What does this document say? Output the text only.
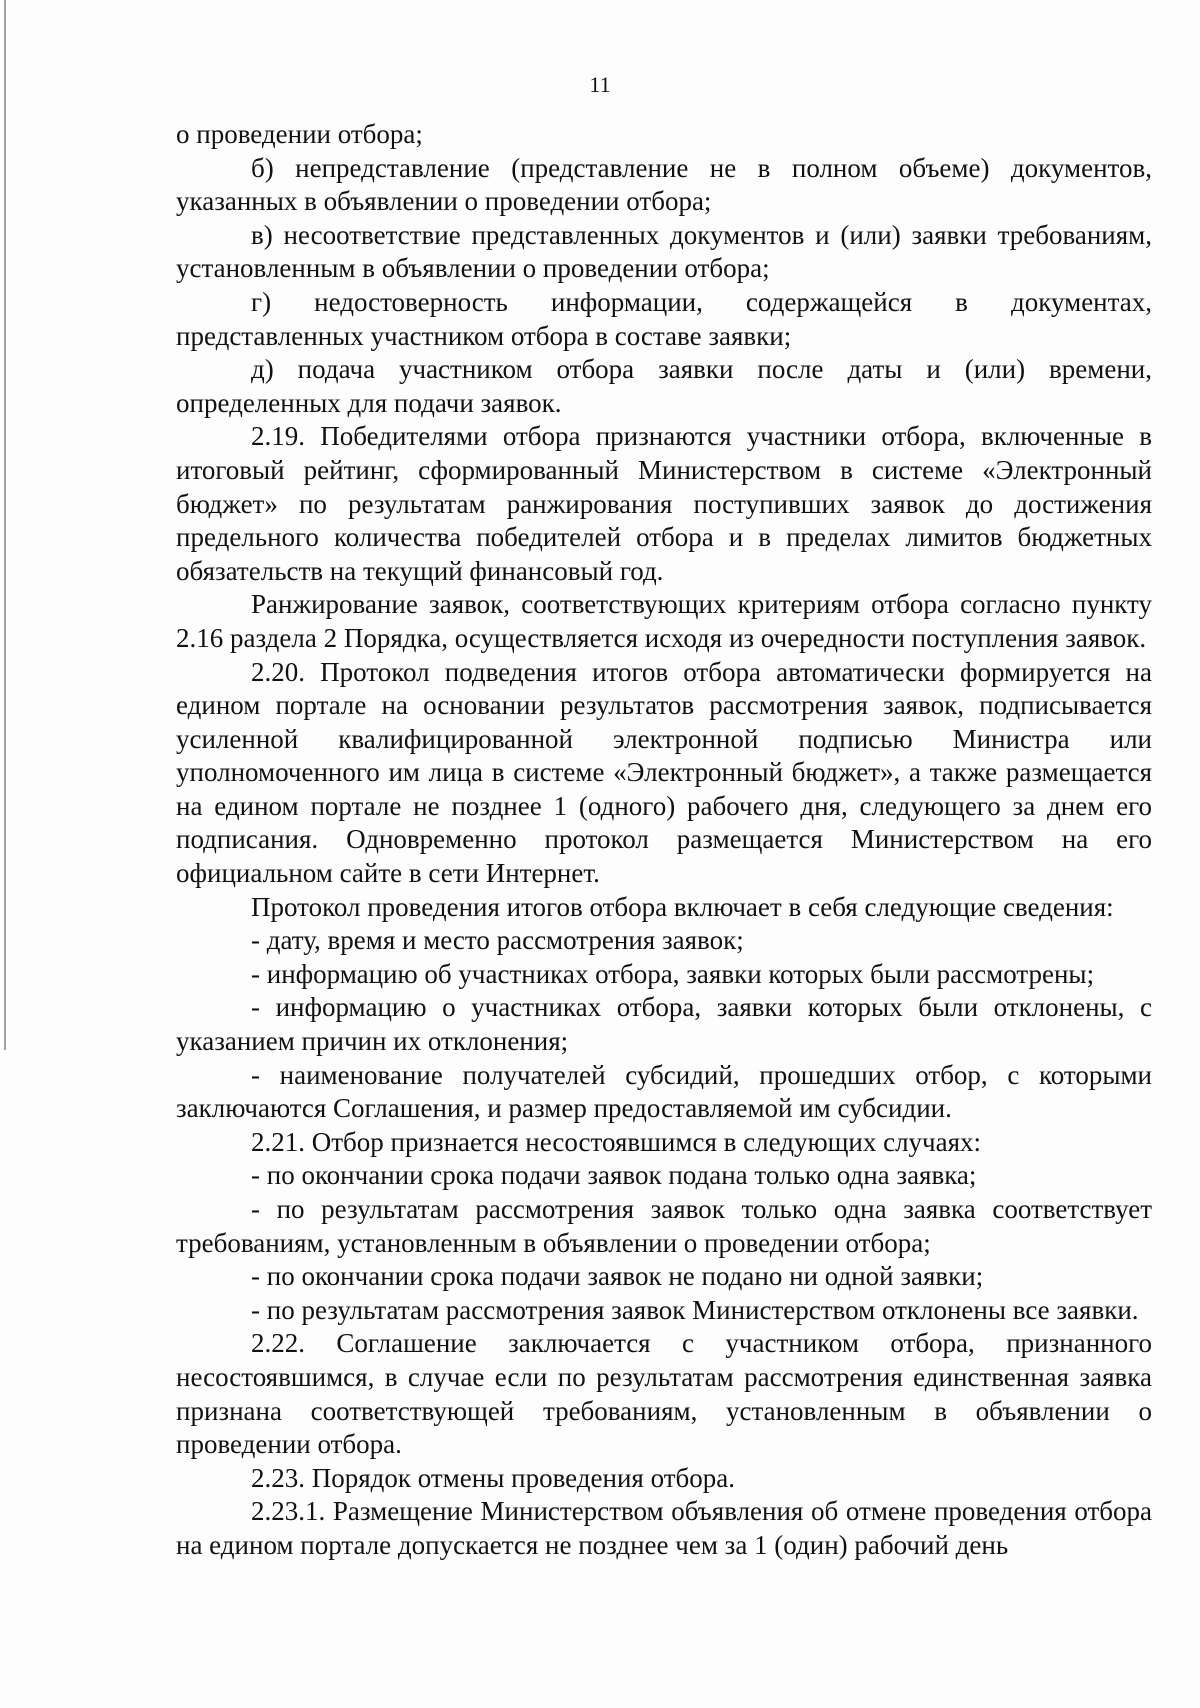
11

о проведении отбора;

б) непредставление (представление не в полном объеме) документов, указанных в объявлении о проведении отбора;

в) несоответствие представленных документов и (или) заявки требованиям, установленным в объявлении о проведении отбора;

г) недостоверность информации, содержащейся в документах, представленных участником отбора в составе заявки;

д) подача участником отбора заявки после даты и (или) времени, определенных для подачи заявок.

2.19. Победителями отбора признаются участники отбора, включенные в итоговый рейтинг, сформированный Министерством в системе «Электронный бюджет» по результатам ранжирования поступивших заявок до достижения предельного количества победителей отбора и в пределах лимитов бюджетных обязательств на текущий финансовый год.

Ранжирование заявок, соответствующих критериям отбора согласно пункту 2.16 раздела 2 Порядка, осуществляется исходя из очередности поступления заявок.

2.20. Протокол подведения итогов отбора автоматически формируется на едином портале на основании результатов рассмотрения заявок, подписывается усиленной квалифицированной электронной подписью Министра или уполномоченного им лица в системе «Электронный бюджет», а также размещается на едином портале не позднее 1 (одного) рабочего дня, следующего за днем его подписания. Одновременно протокол размещается Министерством на его официальном сайте в сети Интернет.

Протокол проведения итогов отбора включает в себя следующие сведения:

- дату, время и место рассмотрения заявок;

- информацию об участниках отбора, заявки которых были рассмотрены;

- информацию о участниках отбора, заявки которых были отклонены, с указанием причин их отклонения;

- наименование получателей субсидий, прошедших отбор, с которыми заключаются Соглашения, и размер предоставляемой им субсидии.

2.21. Отбор признается несостоявшимся в следующих случаях:

- по окончании срока подачи заявок подана только одна заявка;

- по результатам рассмотрения заявок только одна заявка соответствует требованиям, установленным в объявлении о проведении отбора;

- по окончании срока подачи заявок не подано ни одной заявки;

- по результатам рассмотрения заявок Министерством отклонены все заявки.

2.22. Соглашение заключается с участником отбора, признанного несостоявшимся, в случае если по результатам рассмотрения единственная заявка признана соответствующей требованиям, установленным в объявлении о проведении отбора.

2.23. Порядок отмены проведения отбора.

2.23.1. Размещение Министерством объявления об отмене проведения отбора на едином портале допускается не позднее чем за 1 (один) рабочий день
